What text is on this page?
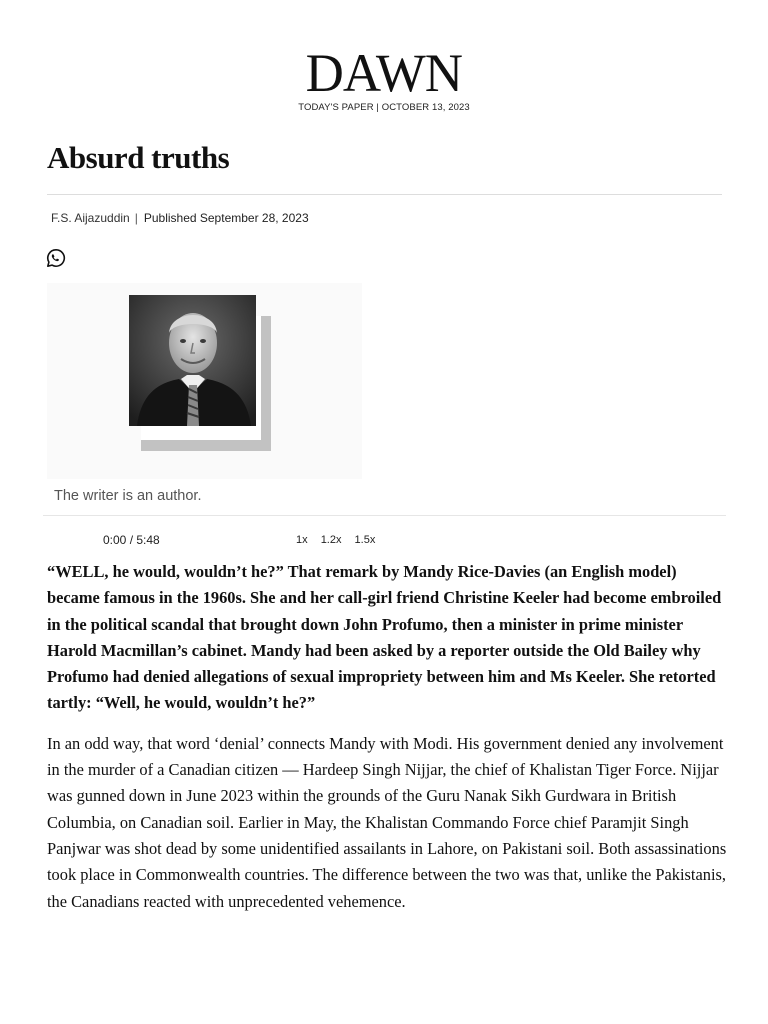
DAWN
TODAY'S PAPER | OCTOBER 13, 2023
Absurd truths
F.S. Aijazuddin | Published September 28, 2023
The writer is an author.
0:00 / 5:48	1x 1.2x 1.5x

“WELL, he would, wouldn’t he?” That remark by Mandy Rice-Davies (an English model) became famous in the 1960s. She and her call-girl friend Christine Keeler had become embroiled in the political scandal that brought down John Profumo, then a minister in prime minister Harold Macmillan’s cabinet. Mandy had been asked by a reporter outside the Old Bailey why Profumo had denied allegations of sexual impropriety between him and Ms Keeler. She retorted tartly: “Well, he would, wouldn’t he?”

In an odd way, that word ‘denial’ connects Mandy with Modi. His government denied any involvement in the murder of a Canadian citizen — Hardeep Singh Nijjar, the chief of Khalistan Tiger Force. Nijjar was gunned down in June 2023 within the grounds of the Guru Nanak Sikh Gurdwara in British Columbia, on Canadian soil. Earlier in May, the Khalistan Commando Force chief Paramjit Singh Panjwar was shot dead by some unidentified assailants in Lahore, on Pakistani soil. Both assassinations took place in Commonwealth countries. The difference between the two was that, unlike the Pakistanis, the Canadians reacted with unprecedented vehemence.
